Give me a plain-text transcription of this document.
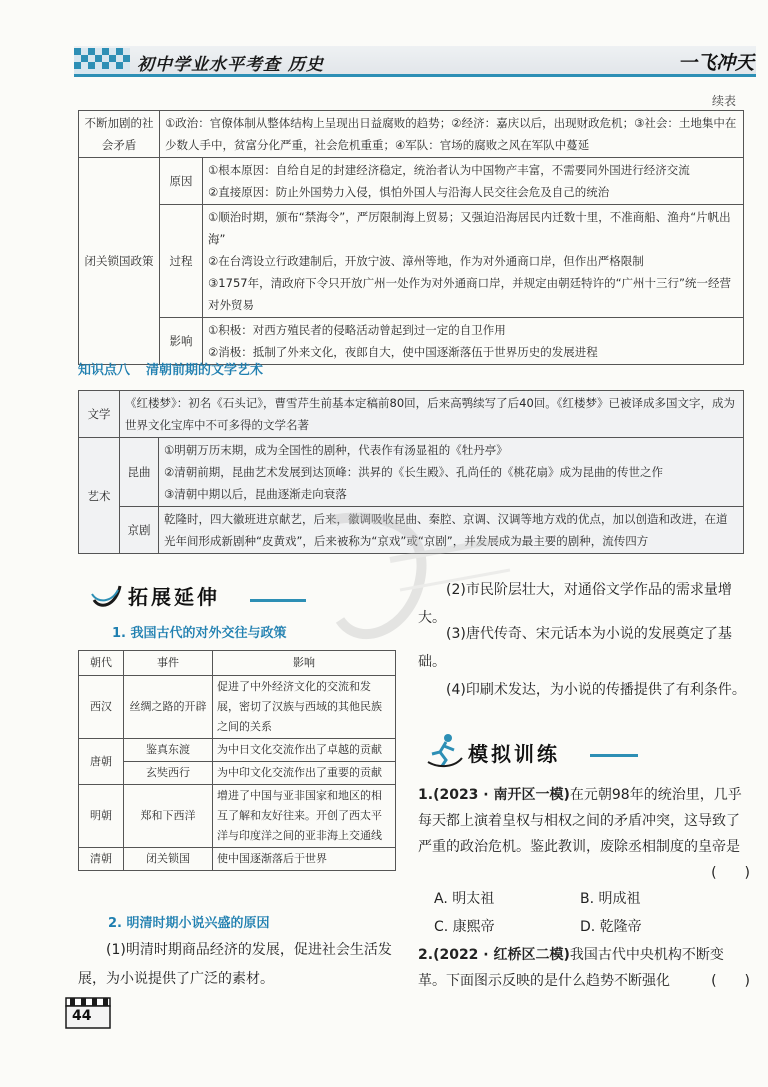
初中学业水平考查 历史	一飞冲天
续表
不断加剧的社会矛盾	①政治：官僚体制从整体结构上呈现出日益腐败的趋势；②经济：嘉庆以后，出现财政危机；③社会：土地集中在少数人手中，贫富分化严重，社会危机重重；④军队：官场的腐败之风在军队中蔓延	
闭关锁国政策	原因	①根本原因：自给自足的封建经济稳定，统治者认为中国物产丰富，不需要同外国进行经济交流
②直接原因：防止外国势力入侵，惧怕外国人与沿海人民交往会危及自己的统治

	过程	①顺治时期，颁布“禁海令”，严厉限制海上贸易；又强迫沿海居民内迁数十里，不准商船、渔舟“片帆出海”
②在台湾设立行政建制后，开放宁波、漳州等地，作为对外通商口岸，但作出严格限制
③1757年，清政府下令只开放广州一处作为对外通商口岸，并规定由朝廷特许的“广州十三行”统一经营对外贸易

	影响	①积极：对西方殖民者的侵略活动曾起到过一定的自卫作用
②消极：抵制了外来文化，夜郎自大，使中国逐渐落伍于世界历史的发展进程
知识点八 清朝前期的文学艺术
文学	《红楼梦》：初名《石头记》，曹雪芹生前基本定稿前80回，后来高鹗续写了后40回。《红楼梦》已被译成多国文字，成为世界文化宝库中不可多得的文学名著	
艺术	昆曲	①明朝万历末期，成为全国性的剧种，代表作有汤显祖的《牡丹亭》
②清朝前期，昆曲艺术发展到达顶峰：洪昇的《长生殿》、孔尚任的《桃花扇》成为昆曲的传世之作
③清朝中期以后，昆曲逐渐走向衰落

	京剧	乾隆时，四大徽班进京献艺，后来，徽调吸收昆曲、秦腔、京调、汉调等地方戏的优点，加以创造和改进，在道光年间形成新剧种“皮黄戏”，后来被称为“京戏”或“京剧”，并发展成为最主要的剧种，流传四方
拓展延伸
1. 我国古代的对外交往与政策
朝代	事件	影响
西汉	丝绸之路的开辟	促进了中外经济文化的交流和发展，密切了汉族与西域的其他民族之间的关系
唐朝	鉴真东渡	为中日文化交流作出了卓越的贡献
	玄奘西行	为中印文化交流作出了重要的贡献
明朝	郑和下西洋	增进了中国与亚非国家和地区的相互了解和友好往来。开创了西太平洋与印度洋之间的亚非海上交通线
清朝	闭关锁国	使中国逐渐落后于世界
2. 明清时期小说兴盛的原因
(1)明清时期商品经济的发展，促进社会生活发展，为小说提供了广泛的素材。
(2)市民阶层壮大，对通俗文学作品的需求量增大。
(3)唐代传奇、宋元话本为小说的发展奠定了基础。
(4)印刷术发达，为小说的传播提供了有利条件。
模拟训练
1.(2023 · 南开区一模)在元朝98年的统治里，几乎每天都上演着皇权与相权之间的矛盾冲突，这导致了严重的政治危机。鉴此教训，废除丞相制度的皇帝是
(　　)
A. 明太祖	B. 明成祖
C. 康熙帝	D. 乾隆帝
2.(2022 · 红桥区二模)我国古代中央机构不断变革。下面图示反映的是什么趋势不断强化	(　　)
44
